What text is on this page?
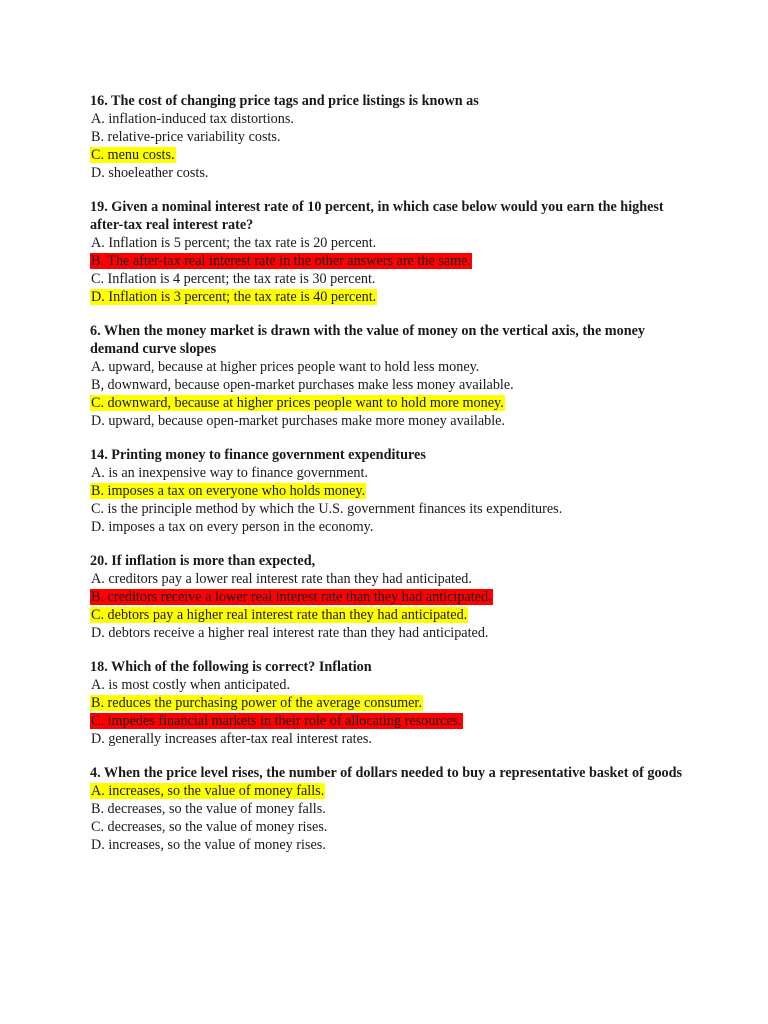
16. The cost of changing price tags and price listings is known as

A. inflation-induced tax distortions.

B. relative-price variability costs.

C. menu costs.

D. shoeleather costs.

19. Given a nominal interest rate of 10 percent, in which case below would you earn the highest after-tax real interest rate?

A. Inflation is 5 percent; the tax rate is 20 percent.

B. The after-tax real interest rate in the other answers are the same.

C. Inflation is 4 percent; the tax rate is 30 percent.

D. Inflation is 3 percent; the tax rate is 40 percent.

6. When the money market is drawn with the value of money on the vertical axis, the money demand curve slopes

A. upward, because at higher prices people want to hold less money.

B, downward, because open-market purchases make less money available.

C. downward, because at higher prices people want to hold more money.

D. upward, because open-market purchases make more money available.

14. Printing money to finance government expenditures

A. is an inexpensive way to finance government.

B. imposes a tax on everyone who holds money.

C. is the principle method by which the U.S. government finances its expenditures.

D. imposes a tax on every person in the economy.

20. If inflation is more than expected,

A. creditors pay a lower real interest rate than they had anticipated.

B. creditors receive a lower real interest rate than they had anticipated.

C. debtors pay a higher real interest rate than they had anticipated.

D. debtors receive a higher real interest rate than they had anticipated.

18. Which of the following is correct? Inflation

A. is most costly when anticipated.

B. reduces the purchasing power of the average consumer.

C. impedes financial markets in their role of allocating resources.

D. generally increases after-tax real interest rates.

4. When the price level rises, the number of dollars needed to buy a representative basket of goods

A. increases, so the value of money falls.

B. decreases, so the value of money falls.

C. decreases, so the value of money rises.

D. increases, so the value of money rises.
